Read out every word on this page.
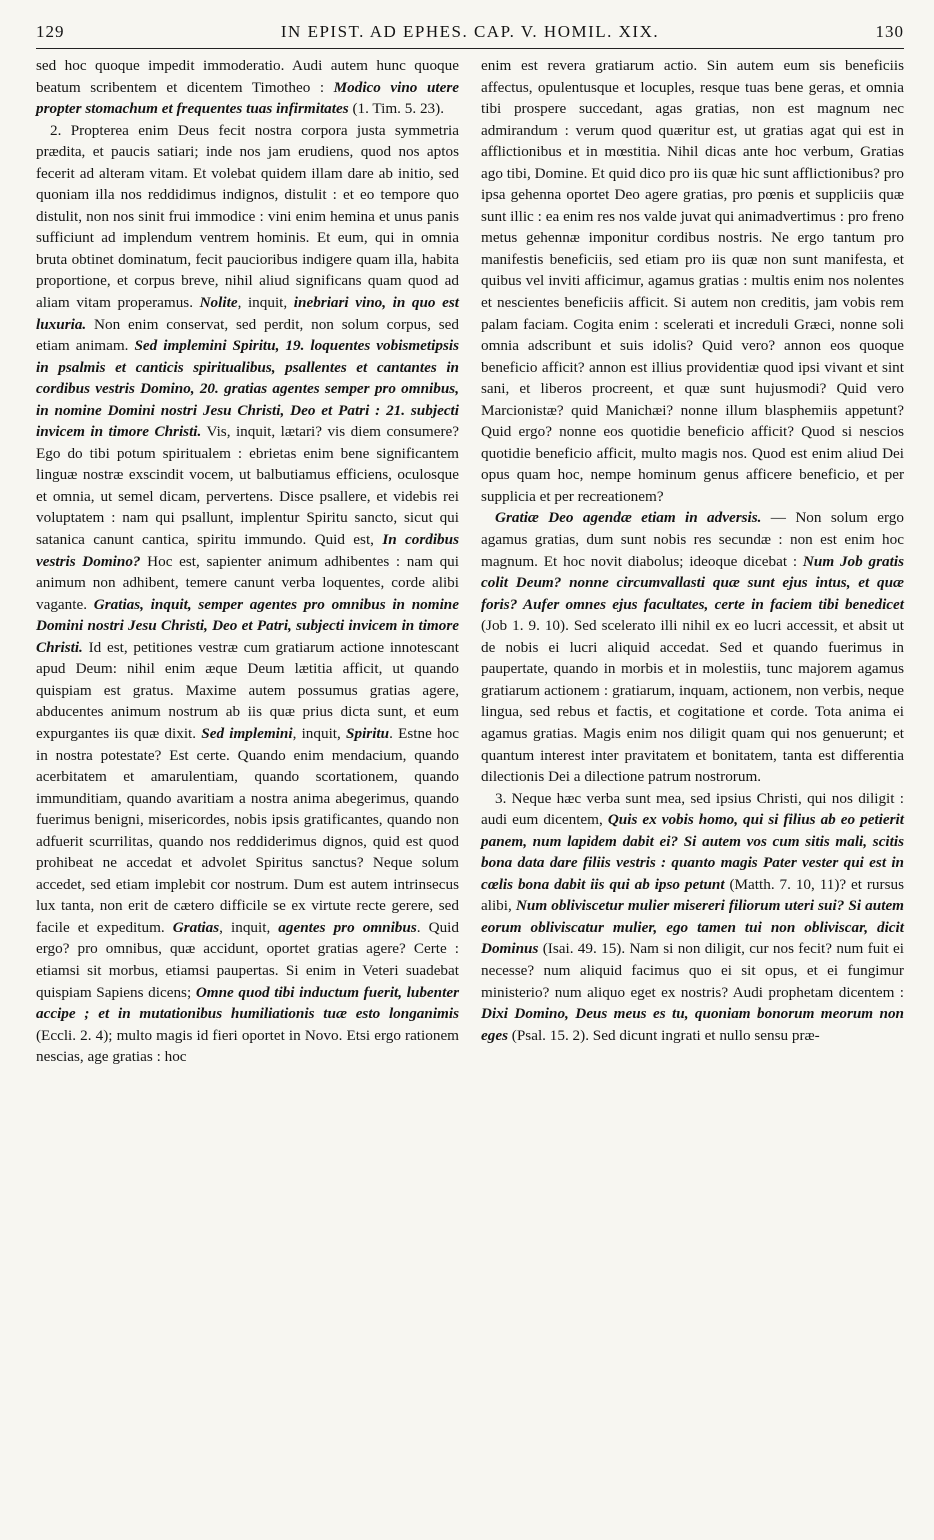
129	IN EPIST. AD EPHES. CAP. V. HOMIL. XIX.	130

sed hoc quoque impedit immoderatio. Audi autem hunc quoque beatum scribentem et dicentem Timotheo : Modico vino utere propter stomachum et frequentes tuas infirmitates (1. Tim. 5. 23).

2. Propterea enim Deus fecit nostra corpora justa symmetria prædita, et paucis satiari; inde nos jam erudiens, quod nos aptos fecerit ad alteram vitam. Et volebat quidem illam dare ab initio, sed quoniam illa nos reddidimus indignos, distulit : et eo tempore quo distulit, non nos sinit frui immodice : vini enim hemina et unus panis sufficiunt ad implendum ventrem hominis. Et eum, qui in omnia bruta obtinet dominatum, fecit paucioribus indigere quam illa, habita proportione, et corpus breve, nihil aliud significans quam quod ad aliam vitam properamus. Nolite, inquit, inebriari vino, in quo est luxuria. Non enim conservat, sed perdit, non solum corpus, sed etiam animam. Sed implemini Spiritu, 19. loquentes vobismetipsis in psalmis et canticis spiritualibus, psallentes et cantantes in cordibus vestris Domino, 20. gratias agentes semper pro omnibus, in nomine Domini nostri Jesu Christi, Deo et Patri : 21. subjecti invicem in timore Christi. Vis, inquit, lætari? vis diem consumere? Ego do tibi potum spiritualem : ebrietas enim bene significantem linguæ nostræ exscindit vocem, ut balbutiamus efficiens, oculosque et omnia, ut semel dicam, pervertens. Disce psallere, et videbis rei voluptatem : nam qui psallunt, implentur Spiritu sancto, sicut qui satanica canunt cantica, spiritu immundo. Quid est, In cordibus vestris Domino? Hoc est, sapienter animum adhibentes : nam qui animum non adhibent, temere canunt verba loquentes, corde alibi vagante. Gratias, inquit, semper agentes pro omnibus in nomine Domini nostri Jesu Christi, Deo et Patri, subjecti invicem in timore Christi. Id est, petitiones vestræ cum gratiarum actione innotescant apud Deum: nihil enim æque Deum lætitia afficit, ut quando quispiam est gratus. Maxime autem possumus gratias agere, abducentes animum nostrum ab iis quæ prius dicta sunt, et eum expurgantes iis quæ dixit. Sed implemini, inquit, Spiritu. Estne hoc in nostra potestate? Est certe. Quando enim mendacium, quando acerbitatem et amarulentiam, quando scortationem, quando immunditiam, quando avaritiam a nostra anima abegerimus, quando fuerimus benigni, misericordes, nobis ipsis gratificantes, quando non adfuerit scurrilitas, quando nos reddiderimus dignos, quid est quod prohibeat ne accedat et advolet Spiritus sanctus? Neque solum accedet, sed etiam implebit cor nostrum. Dum est autem intrinsecus lux tanta, non erit de cætero difficile se ex virtute recte gerere, sed facile et expeditum. Gratias, inquit, agentes pro omnibus. Quid ergo? pro omnibus, quæ accidunt, oportet gratias agere? Certe : etiamsi sit morbus, etiamsi paupertas. Si enim in Veteri suadebat quispiam Sapiens dicens; Omne quod tibi inductum fuerit, lubenter accipe ; et in mutationibus humiliationis tuæ esto longanimis (Eccli. 2. 4); multo magis id fieri oportet in Novo. Etsi ergo rationem nescias, age gratias : hoc

enim est revera gratiarum actio. Sin autem eum sis beneficiis affectus, opulentusque et locuples, resque tuas bene geras, et omnia tibi prospere succedant, agas gratias, non est magnum nec admirandum : verum quod quæritur est, ut gratias agat qui est in afflictionibus et in mœstitia. Nihil dicas ante hoc verbum, Gratias ago tibi, Domine. Et quid dico pro iis quæ hic sunt afflictionibus? pro ipsa gehenna oportet Deo agere gratias, pro pœnis et suppliciis quæ sunt illic : ea enim res nos valde juvat qui animadvertimus : pro freno metus gehennæ imponitur cordibus nostris. Ne ergo tantum pro manifestis beneficiis, sed etiam pro iis quæ non sunt manifesta, et quibus vel inviti afficimur, agamus gratias : multis enim nos nolentes et nescientes beneficiis afficit. Si autem non creditis, jam vobis rem palam faciam. Cogita enim : scelerati et increduli Græci, nonne soli omnia adscribunt et suis idolis? Quid vero? annon eos quoque beneficio afficit? annon est illius providentiæ quod ipsi vivant et sint sani, et liberos procreent, et quæ sunt hujusmodi? Quid vero Marcionistæ? quid Manichæi? nonne illum blasphemiis appetunt? Quid ergo? nonne eos quotidie beneficio afficit? Quod si nescios quotidie beneficio afficit, multo magis nos. Quod est enim aliud Dei opus quam hoc, nempe hominum genus afficere beneficio, et per supplicia et per recreationem?

Gratiæ Deo agendæ etiam in adversis. — Non solum ergo agamus gratias, dum sunt nobis res secundæ : non est enim hoc magnum. Et hoc novit diabolus; ideoque dicebat : Num Job gratis colit Deum? nonne circumvallasti quæ sunt ejus intus, et quæ foris? Aufer omnes ejus facultates, certe in faciem tibi benedicet (Job 1. 9. 10). Sed scelerato illi nihil ex eo lucri accessit, et absit ut de nobis ei lucri aliquid accedat. Sed et quando fuerimus in paupertate, quando in morbis et in molestiis, tunc majorem agamus gratiarum actionem : gratiarum, inquam, actionem, non verbis, neque lingua, sed rebus et factis, et cogitatione et corde. Tota anima ei agamus gratias. Magis enim nos diligit quam qui nos genuerunt; et quantum interest inter pravitatem et bonitatem, tanta est differentia dilectionis Dei a dilectione patrum nostrorum.

3. Neque hæc verba sunt mea, sed ipsius Christi, qui nos diligit : audi eum dicentem, Quis ex vobis homo, qui si filius ab eo petierit panem, num lapidem dabit ei? Si autem vos cum sitis mali, scitis bona data dare filiis vestris : quanto magis Pater vester qui est in cœlis bona dabit iis qui ab ipso petunt (Matth. 7. 10, 11)? et rursus alibi, Num obliviscetur mulier misereri filiorum uteri sui? Si autem eorum obliviscatur mulier, ego tamen tui non obliviscar, dicit Dominus (Isai. 49. 15). Nam si non diligit, cur nos fecit? num fuit ei necesse? num aliquid facimus quo ei sit opus, et ei fungimur ministerio? num aliquo eget ex nostris? Audi prophetam dicentem : Dixi Domino, Deus meus es tu, quoniam bonorum meorum non eges (Psal. 15. 2). Sed dicunt ingrati et nullo sensu præ-
